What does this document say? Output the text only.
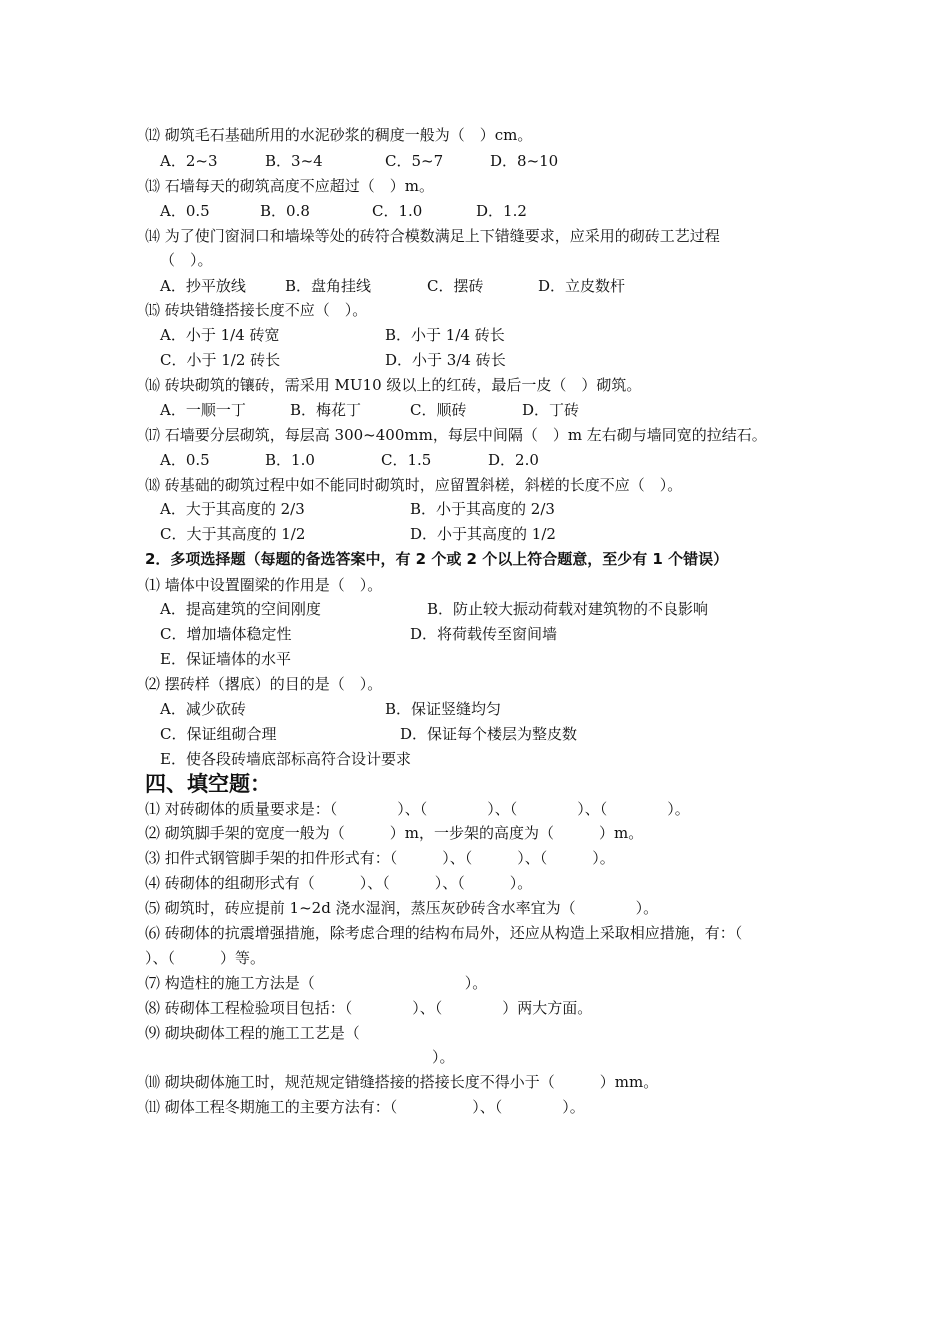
⑿ 砌筑毛石基础所用的水泥砂浆的稠度一般为（　）cm。
A．2~3	B．3~4	C．5~7	D．8~10
⒀ 石墙每天的砌筑高度不应超过（　）m。
A．0.5	B．0.8	C．1.0	D．1.2
⒁ 为了使门窗洞口和墙垛等处的砖符合模数满足上下错缝要求，应采用的砌砖工艺过程
（　）。
A．抄平放线	B．盘角挂线	C．摆砖	D．立皮数杆
⒂ 砖块错缝搭接长度不应（　）。
A．小于 1/4 砖宽	B．小于 1/4 砖长
C．小于 1/2 砖长	D．小于 3/4 砖长
⒃ 砖块砌筑的镶砖，需采用 MU10 级以上的红砖，最后一皮（　）砌筑。
A．一顺一丁	B．梅花丁	C．顺砖	D．丁砖
⒄ 石墙要分层砌筑，每层高 300~400mm，每层中间隔（　）m 左右砌与墙同宽的拉结石。
A．0.5	B．1.0	C．1.5	D．2.0
⒅ 砖基础的砌筑过程中如不能同时砌筑时，应留置斜槎，斜槎的长度不应（　）。
A．大于其高度的 2/3	B．小于其高度的 2/3
C．大于其高度的 1/2	D．小于其高度的 1/2
2．多项选择题（每题的备选答案中，有 2 个或 2 个以上符合题意，至少有 1 个错误）
⑴ 墙体中设置圈梁的作用是（　）。
A．提高建筑的空间刚度	B．防止较大振动荷载对建筑物的不良影响
C．增加墙体稳定性	D．将荷载传至窗间墙
E．保证墙体的水平
⑵ 摆砖样（撂底）的目的是（　）。
A．减少砍砖	B．保证竖缝均匀
C．保证组砌合理	D．保证每个楼层为整皮数
E．使各段砖墙底部标高符合设计要求
四、填空题：
⑴ 对砖砌体的质量要求是：（　　　　）、（　　　　）、（　　　　）、（　　　　）。
⑵ 砌筑脚手架的宽度一般为（　　　）m，一步架的高度为（　　　）m。
⑶ 扣件式钢管脚手架的扣件形式有：（　　　）、（　　　）、（　　　）。
⑷ 砖砌体的组砌形式有（　　　）、（　　　）、（　　　）。
⑸ 砌筑时，砖应提前 1~2d 浇水湿润，蒸压灰砂砖含水率宜为（　　　　）。
⑹ 砖砌体的抗震增强措施，除考虑合理的结构布局外，还应从构造上采取相应措施，有：（
）、（　　　）等。
⑺ 构造柱的施工方法是（　　　　　　　　　　）。
⑻ 砖砌体工程检验项目包括：（　　　　）、（　　　　）两大方面。
⑼ 砌块砌体工程的施工工艺是（
　　　　　　　　　　　　　　）。
⑽ 砌块砌体施工时，规范规定错缝搭接的搭接长度不得小于（　　　）mm。
⑾ 砌体工程冬期施工的主要方法有：（　　　　　）、（　　　　）。
